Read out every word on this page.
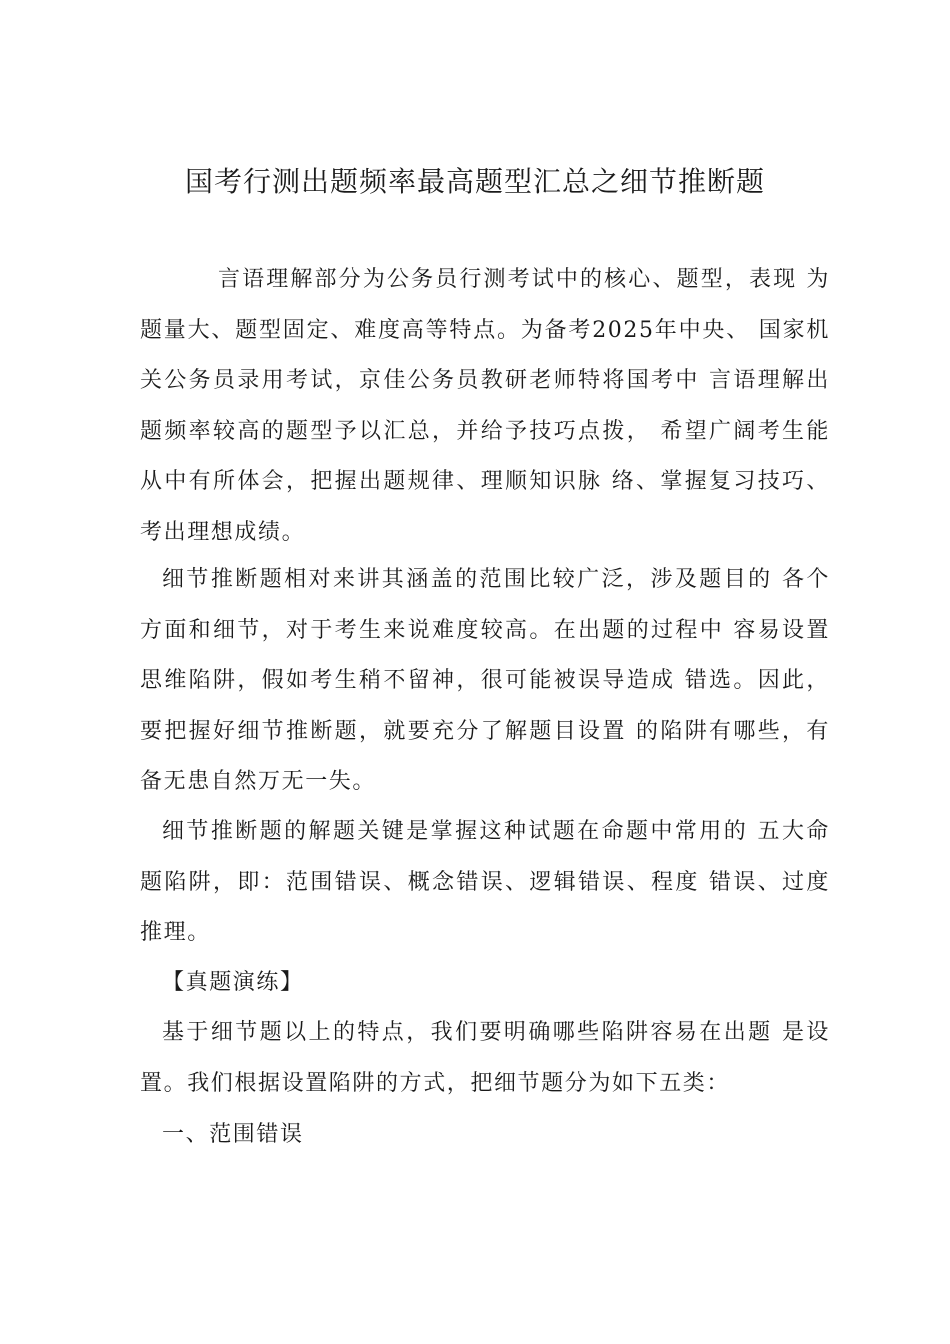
国考行测出题频率最高题型汇总之细节推断题

言语理解部分为公务员行测考试中的核心、题型，表现 为题量大、题型固定、难度高等特点。为备考2025年中央、 国家机关公务员录用考试，京佳公务员教研老师特将国考中 言语理解出题频率较高的题型予以汇总，并给予技巧点拨， 希望广阔考生能从中有所体会，把握出题规律、理顺知识脉 络、掌握复习技巧、考出理想成绩。

细节推断题相对来讲其涵盖的范围比较广泛，涉及题目的 各个方面和细节，对于考生来说难度较高。在出题的过程中 容易设置思维陷阱，假如考生稍不留神，很可能被误导造成 错选。因此，要把握好细节推断题，就要充分了解题目设置 的陷阱有哪些，有备无患自然万无一失。

细节推断题的解题关键是掌握这种试题在命题中常用的 五大命题陷阱，即：范围错误、概念错误、逻辑错误、程度 错误、过度推理。

【真题演练】

基于细节题以上的特点，我们要明确哪些陷阱容易在出题 是设置。我们根据设置陷阱的方式，把细节题分为如下五类：

一、范围错误
